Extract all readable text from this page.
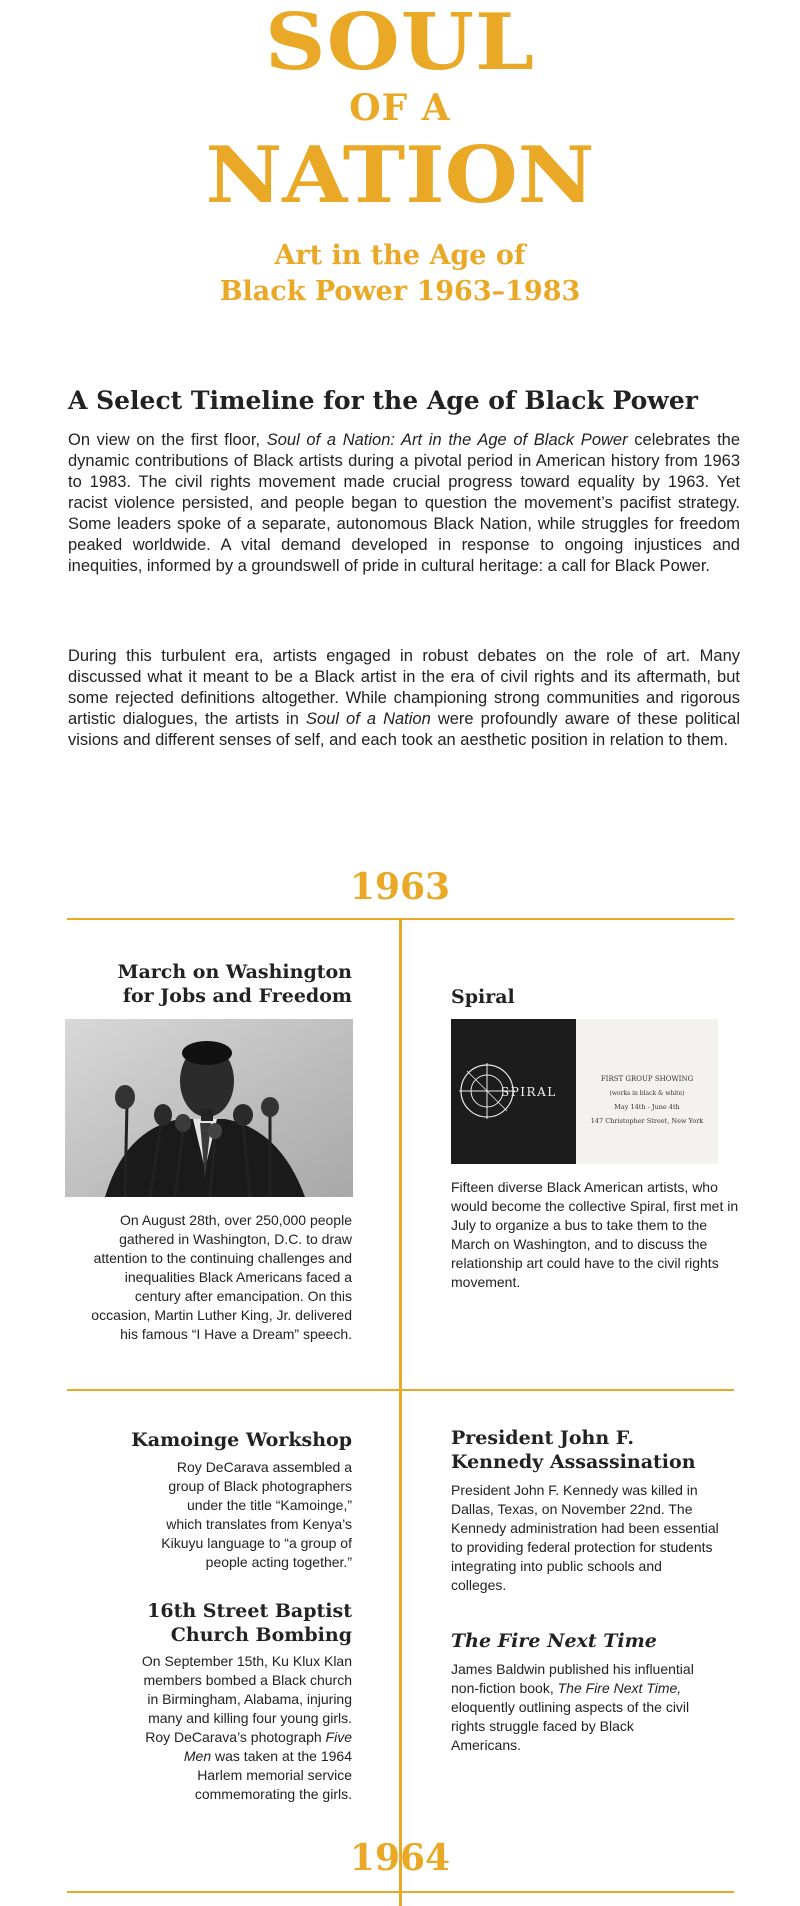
SOUL
OF A
NATION
Art in the Age of
Black Power 1963–1983
A Select Timeline for the Age of Black Power

On view on the first floor, Soul of a Nation: Art in the Age of Black Power celebrates the dynamic contributions of Black artists during a pivotal period in American history from 1963 to 1983. The civil rights movement made crucial progress toward equality by 1963. Yet racist violence persisted, and people began to question the movement’s pacifist strategy. Some leaders spoke of a separate, autonomous Black Nation, while struggles for freedom peaked worldwide. A vital demand developed in response to ongoing injustices and inequities, informed by a groundswell of pride in cultural heritage: a call for Black Power.

During this turbulent era, artists engaged in robust debates on the role of art. Many discussed what it meant to be a Black artist in the era of civil rights and its aftermath, but some rejected definitions altogether. While championing strong communities and rigorous artistic dialogues, the artists in Soul of a Nation were profoundly aware of these political visions and different senses of self, and each took an aesthetic position in relation to them.

1963
March on Washington
for Jobs and Freedom
On August 28th, over 250,000 people gathered in Washington, D.C. to draw attention to the continuing challenges and inequalities Black Americans faced a century after emancipation. On this occasion, Martin Luther King, Jr. delivered his famous “I Have a Dream” speech.
Spiral
SPIRAL
FIRST GROUP SHOWING
(works in black & white)
May 14th - June 4th
147 Christopher Street, New York
Fifteen diverse Black American artists, who would become the collective Spiral, first met in July to organize a bus to take them to the March on Washington, and to discuss the relationship art could have to the civil rights movement.
Kamoinge Workshop
Roy DeCarava assembled a group of Black photographers under the title “Kamoinge,” which translates from Kenya’s Kikuyu language to “a group of people acting together.”
16th Street Baptist
Church Bombing
On September 15th, Ku Klux Klan members bombed a Black church in Birmingham, Alabama, injuring many and killing four young girls. Roy DeCarava’s photograph Five Men was taken at the 1964 Harlem memorial service commemorating the girls.
President John F.
Kennedy Assassination
President John F. Kennedy was killed in Dallas, Texas, on November 22nd. The Kennedy administration had been essential to providing federal protection for students integrating into public schools and colleges.
The Fire Next Time
James Baldwin published his influential non-fiction book, The Fire Next Time, eloquently outlining aspects of the civil rights struggle faced by Black Americans.
1964
